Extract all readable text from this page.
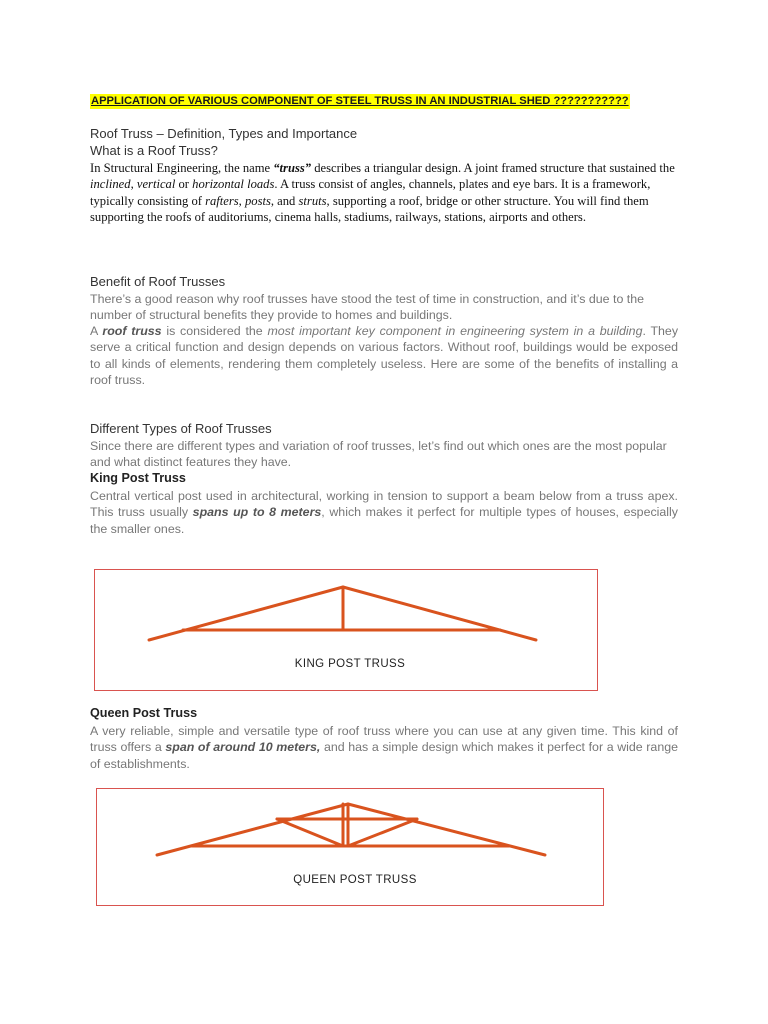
APPLICATION OF VARIOUS COMPONENT OF STEEL TRUSS IN AN INDUSTRIAL SHED ???????????
Roof Truss – Definition, Types and Importance
What is a Roof Truss?
In Structural Engineering, the name “truss” describes a triangular design. A joint framed structure that sustained the inclined, vertical or horizontal loads. A truss consist of angles, channels, plates and eye bars. It is a framework, typically consisting of rafters, posts, and struts, supporting a roof, bridge or other structure. You will find them supporting the roofs of auditoriums, cinema halls, stadiums, railways, stations, airports and others.
Benefit of Roof Trusses
There’s a good reason why roof trusses have stood the test of time in construction, and it’s due to the number of structural benefits they provide to homes and buildings.
A roof truss is considered the most important key component in engineering system in a building. They serve a critical function and design depends on various factors. Without roof, buildings would be exposed to all kinds of elements, rendering them completely useless. Here are some of the benefits of installing a roof truss.
Different Types of Roof Trusses
Since there are different types and variation of roof trusses, let’s find out which ones are the most popular and what distinct features they have.
King Post Truss
Central vertical post used in architectural, working in tension to support a beam below from a truss apex. This truss usually spans up to 8 meters, which makes it perfect for multiple types of houses, especially the smaller ones.
KING POST TRUSS
Queen Post Truss
A very reliable, simple and versatile type of roof truss where you can use at any given time. This kind of truss offers a span of around 10 meters, and has a simple design which makes it perfect for a wide range of establishments.
QUEEN POST TRUSS
